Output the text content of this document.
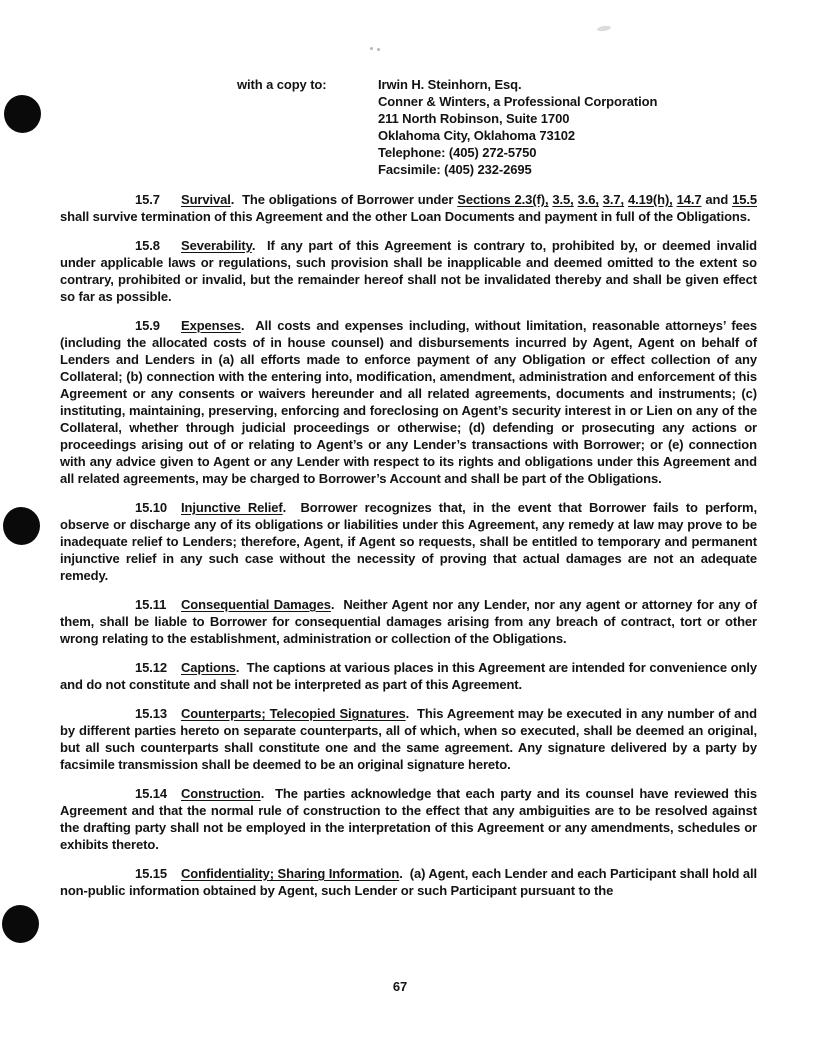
with a copy to:	Irwin H. Steinhorn, Esq.
Conner & Winters, a Professional Corporation
211 North Robinson, Suite 1700
Oklahoma City, Oklahoma 73102
Telephone: (405) 272-5750
Facsimile: (405) 232-2695

15.7 Survival.  The obligations of Borrower under Sections 2.3(f), 3.5, 3.6, 3.7, 4.19(h), 14.7 and 15.5 shall survive termination of this Agreement and the other Loan Documents and payment in full of the Obligations.

15.8 Severability.  If any part of this Agreement is contrary to, prohibited by, or deemed invalid under applicable laws or regulations, such provision shall be inapplicable and deemed omitted to the extent so contrary, prohibited or invalid, but the remainder hereof shall not be invalidated thereby and shall be given effect so far as possible.

15.9 Expenses.  All costs and expenses including, without limitation, reasonable attorneys’ fees (including the allocated costs of in house counsel) and disbursements incurred by Agent, Agent on behalf of Lenders and Lenders in (a) all efforts made to enforce payment of any Obligation or effect collection of any Collateral; (b) connection with the entering into, modification, amendment, administration and enforcement of this Agreement or any consents or waivers hereunder and all related agreements, documents and instruments; (c) instituting, maintaining, preserving, enforcing and foreclosing on Agent’s security interest in or Lien on any of the Collateral, whether through judicial proceedings or otherwise; (d) defending or prosecuting any actions or proceedings arising out of or relating to Agent’s or any Lender’s transactions with Borrower; or (e) connection with any advice given to Agent or any Lender with respect to its rights and obligations under this Agreement and all related agreements, may be charged to Borrower’s Account and shall be part of the Obligations.

15.10 Injunctive Relief.  Borrower recognizes that, in the event that Borrower fails to perform, observe or discharge any of its obligations or liabilities under this Agreement, any remedy at law may prove to be inadequate relief to Lenders; therefore, Agent, if Agent so requests, shall be entitled to temporary and permanent injunctive relief in any such case without the necessity of proving that actual damages are not an adequate remedy.

15.11 Consequential Damages.  Neither Agent nor any Lender, nor any agent or attorney for any of them, shall be liable to Borrower for consequential damages arising from any breach of contract, tort or other wrong relating to the establishment, administration or collection of the Obligations.

15.12 Captions.  The captions at various places in this Agreement are intended for convenience only and do not constitute and shall not be interpreted as part of this Agreement.

15.13 Counterparts; Telecopied Signatures.  This Agreement may be executed in any number of and by different parties hereto on separate counterparts, all of which, when so executed, shall be deemed an original, but all such counterparts shall constitute one and the same agreement. Any signature delivered by a party by facsimile transmission shall be deemed to be an original signature hereto.

15.14 Construction.  The parties acknowledge that each party and its counsel have reviewed this Agreement and that the normal rule of construction to the effect that any ambiguities are to be resolved against the drafting party shall not be employed in the interpretation of this Agreement or any amendments, schedules or exhibits thereto.

15.15 Confidentiality; Sharing Information.  (a) Agent, each Lender and each Participant shall hold all non-public information obtained by Agent, such Lender or such Participant pursuant to the

67
